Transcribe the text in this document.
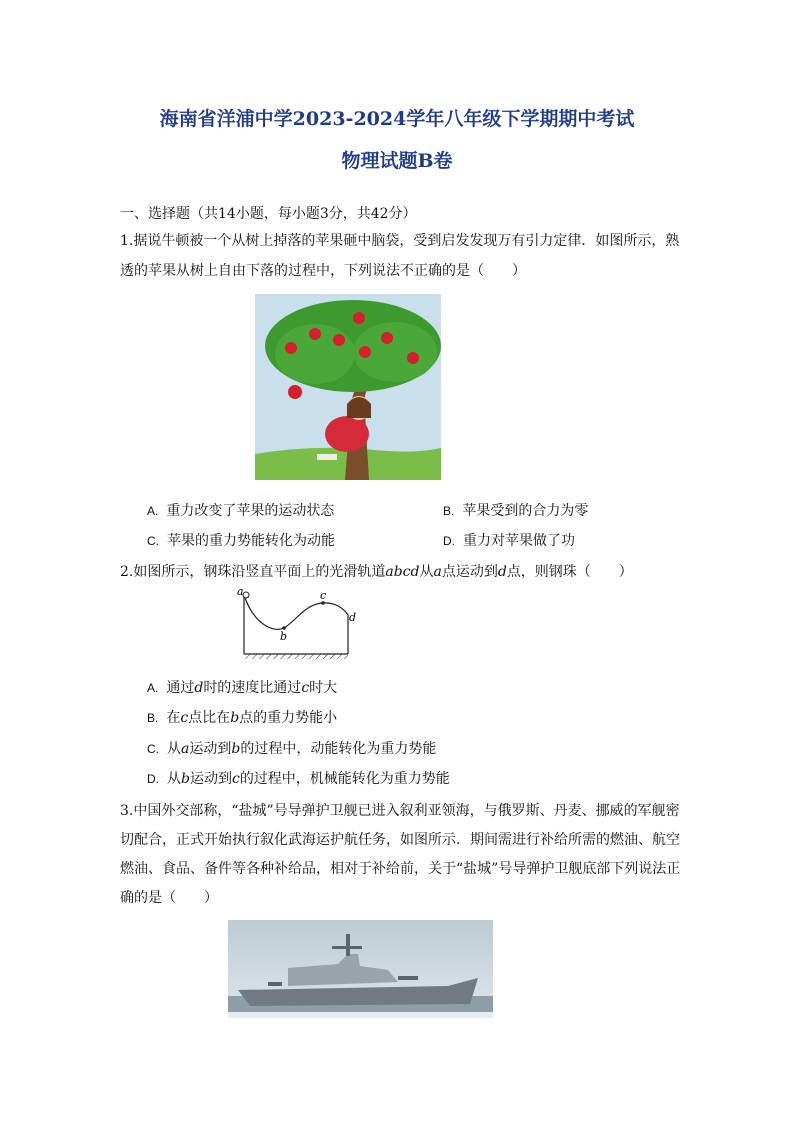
海南省洋浦中学2023-2024学年八年级下学期期中考试
物理试题B卷
一、选择题（共14小题，每小题3分，共42分）
1.据说牛顿被一个从树上掉落的苹果砸中脑袋，受到启发发现万有引力定律．如图所示，熟
透的苹果从树上自由下落的过程中，下列说法不正确的是（　　）
A. 重力改变了苹果的运动状态	B. 苹果受到的合力为零
C. 苹果的重力势能转化为动能	D. 重力对苹果做了功
2.如图所示，钢珠沿竖直平面上的光滑轨道abcd从a点运动到d点，则钢珠（　　）
a
b
c
d
A. 通过d时的速度比通过c时大
B. 在c点比在b点的重力势能小
C. 从a运动到b的过程中，动能转化为重力势能
D. 从b运动到c的过程中，机械能转化为重力势能
3.中国外交部称，“盐城”号导弹护卫舰已进入叙利亚领海，与俄罗斯、丹麦、挪威的军舰密
切配合，正式开始执行叙化武海运护航任务，如图所示．期间需进行补给所需的燃油、航空
燃油、食品、备件等各种补给品，相对于补给前，关于“盐城”号导弹护卫舰底部下列说法正
确的是（　　）
